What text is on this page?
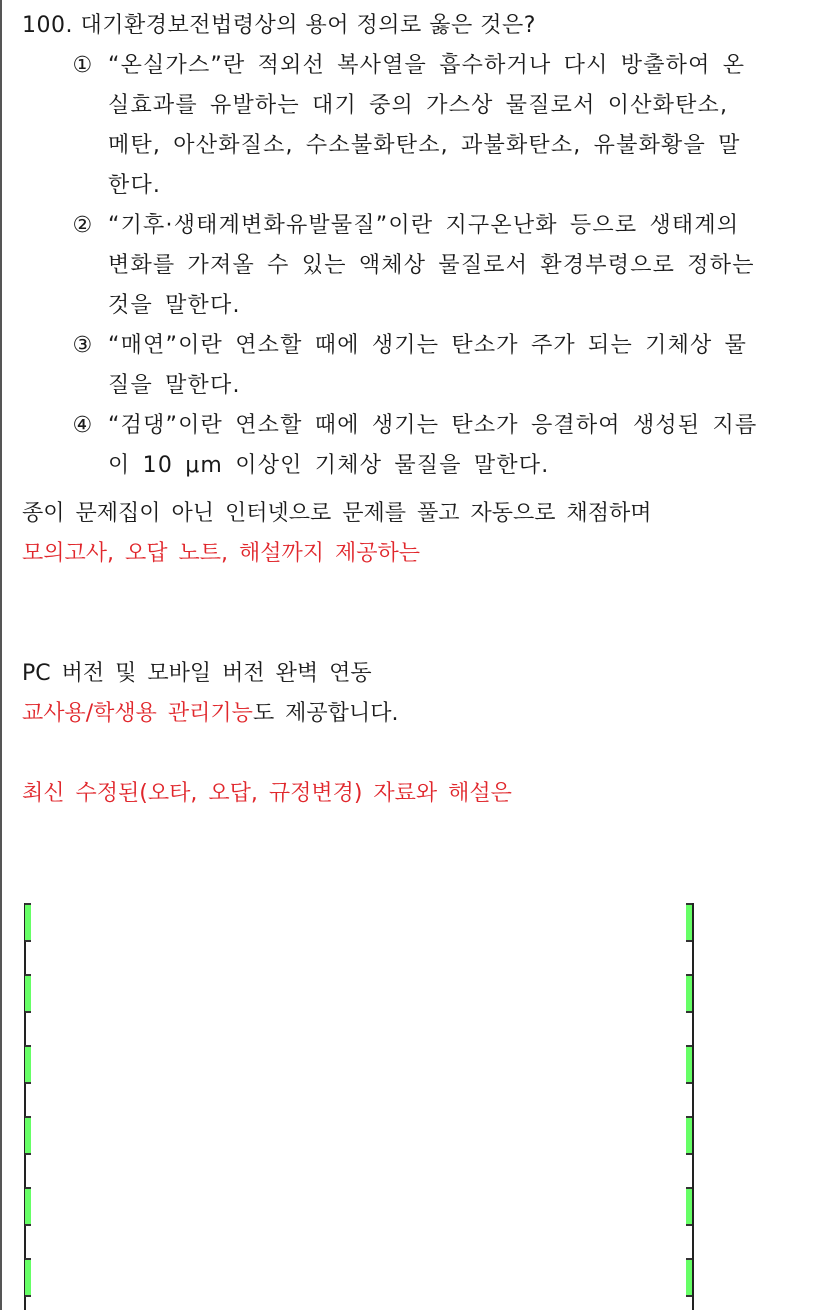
100. 대기환경보전법령상의 용어 정의로 옳은 것은?
① “온실가스”란 적외선 복사열을 흡수하거나 다시 방출하여 온실효과를 유발하는 대기 중의 가스상 물질로서 이산화탄소, 메탄, 아산화질소, 수소불화탄소, 과불화탄소, 유불화황을 말한다.
② “기후·생태계변화유발물질”이란 지구온난화 등으로 생태계의 변화를 가져올 수 있는 액체상 물질로서 환경부령으로 정하는 것을 말한다.
③ “매연”이란 연소할 때에 생기는 탄소가 주가 되는 기체상 물질을 말한다.
④ “검댕”이란 연소할 때에 생기는 탄소가 응결하여 생성된 지름이 10 μm 이상인 기체상 물질을 말한다.
종이 문제집이 아닌 인터넷으로 문제를 풀고 자동으로 채점하며
모의고사, 오답 노트, 해설까지 제공하는
PC 버전 및 모바일 버전 완벽 연동
교사용/학생용 관리기능도 제공합니다.
최신 수정된(오타, 오답, 규정변경) 자료와 해설은
